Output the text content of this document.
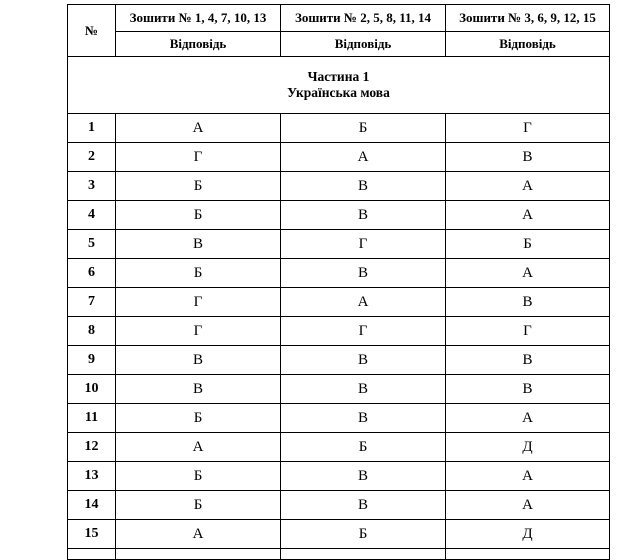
№	Зошити № 1, 4, 7, 10, 13	Зошити № 2, 5, 8, 11, 14	Зошити № 3, 6, 9, 12, 15
	Відповідь	Відповідь	Відповідь

Частина 1
Українська мова			

1	А	Б	Г
2	Г	А	В
3	Б	В	А
4	Б	В	А
5	В	Г	Б
6	Б	В	А
7	Г	А	В
8	Г	Г	Г
9	В	В	В
10	В	В	В
11	Б	В	А
12	А	Б	Д
13	Б	В	А
14	Б	В	А
15	А	Б	Д
